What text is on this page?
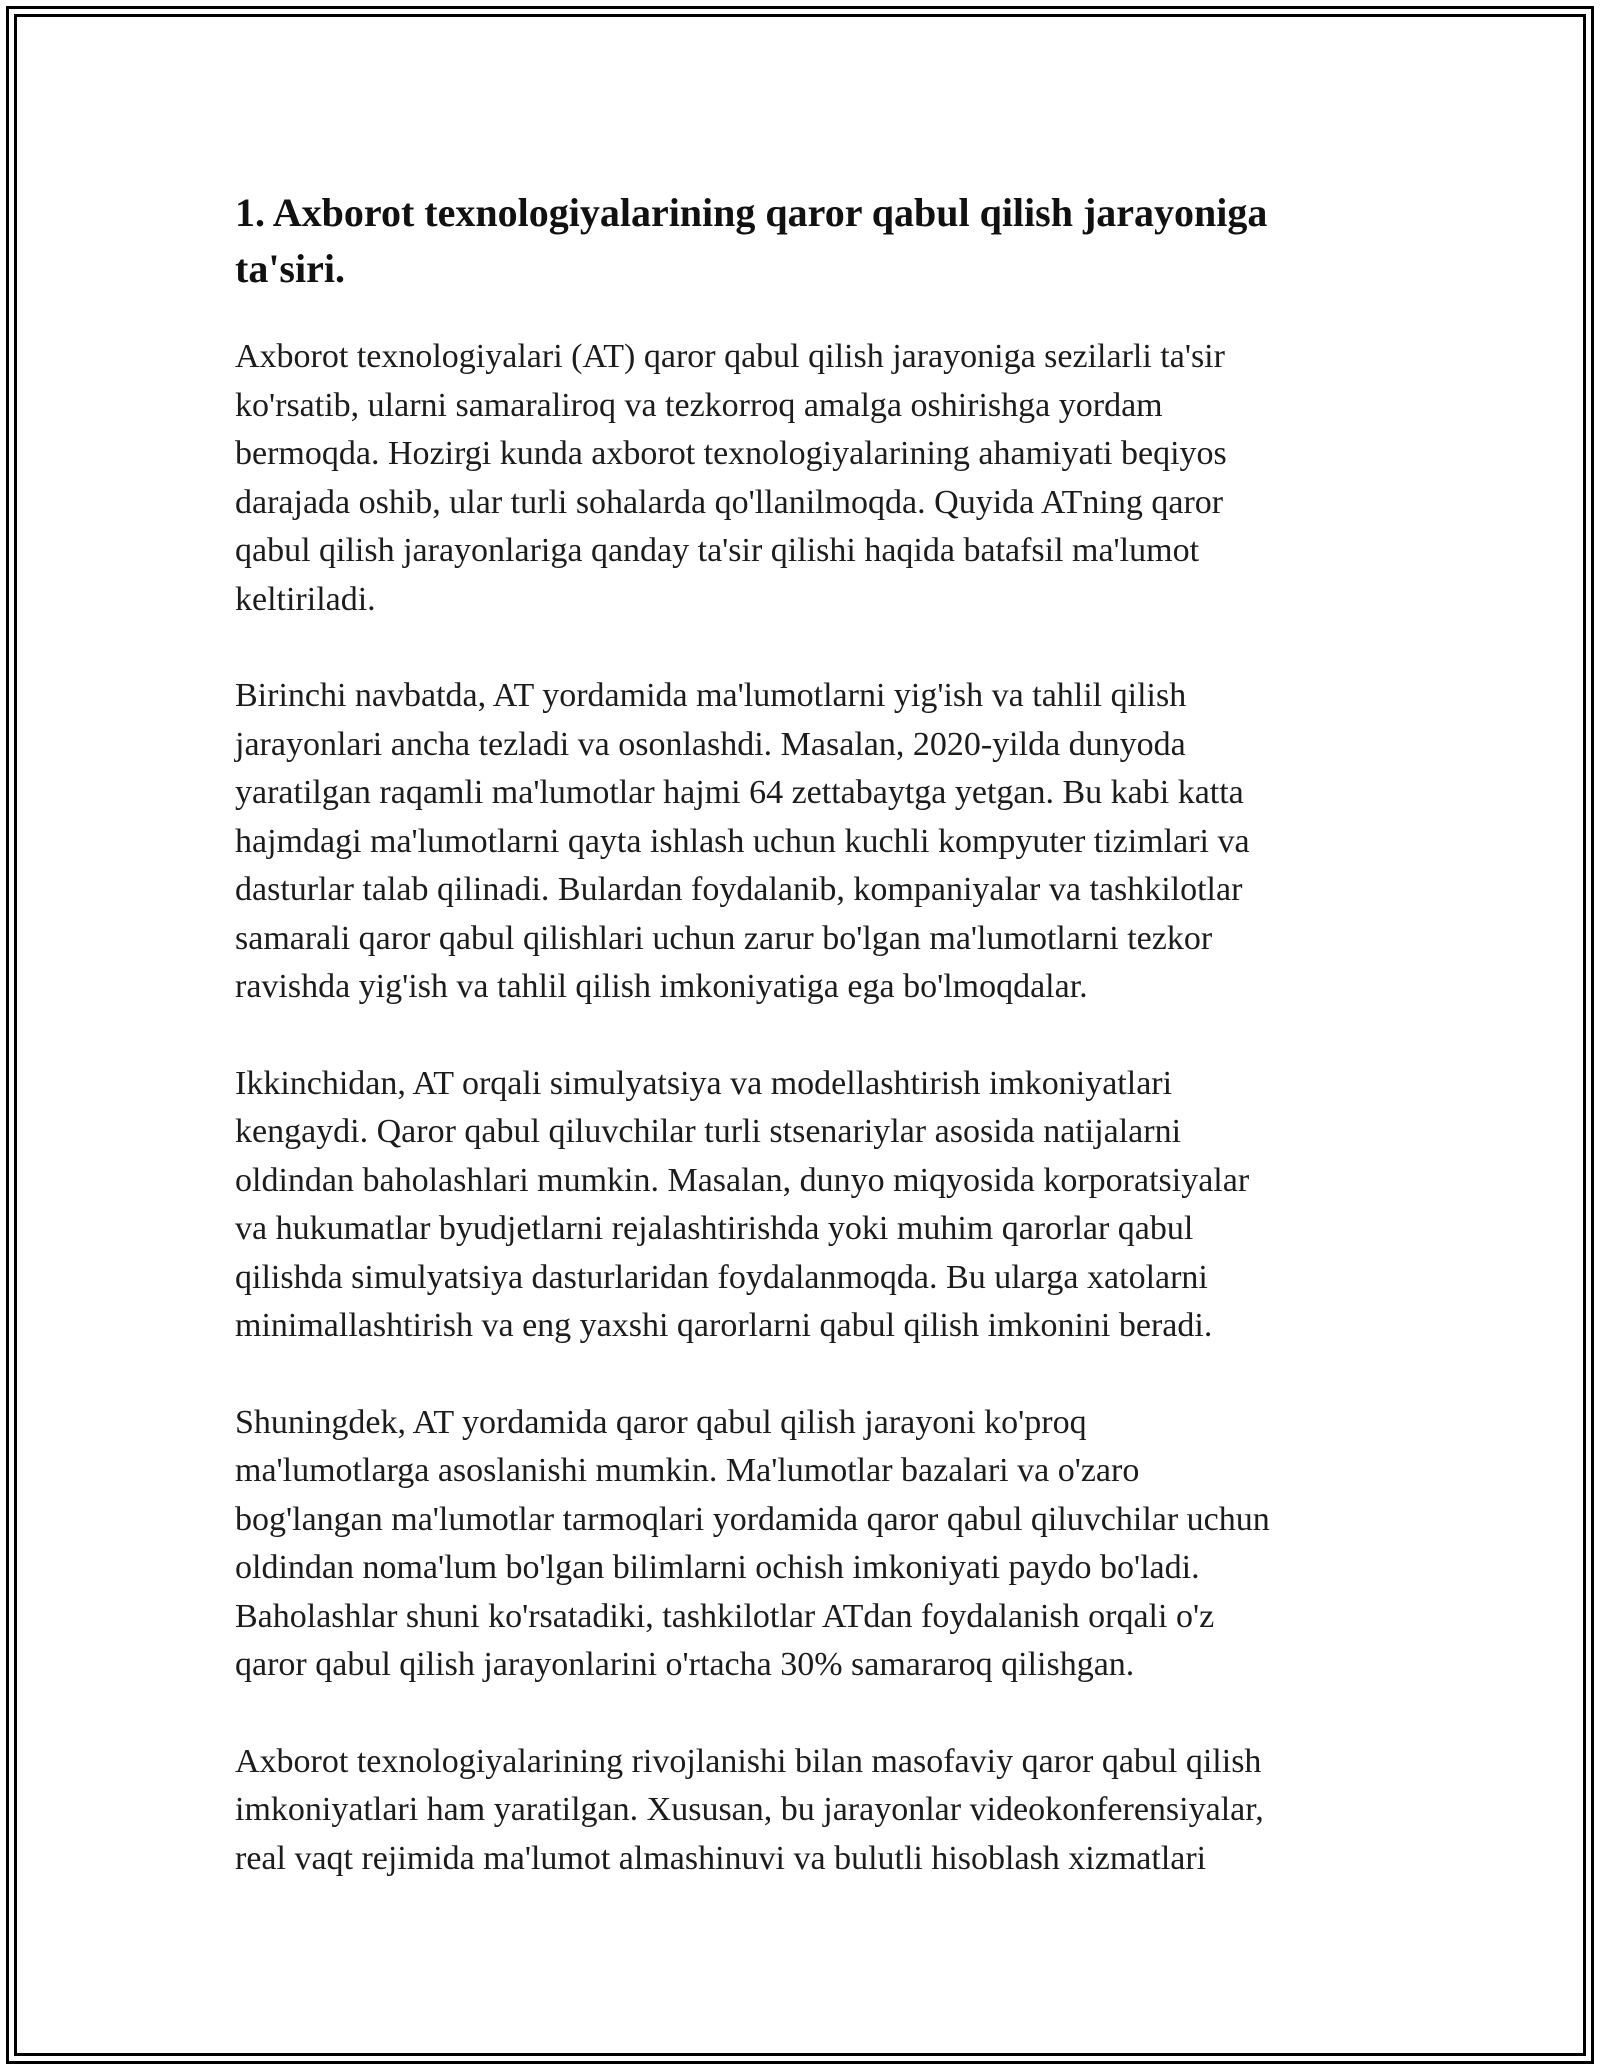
1. Axborot texnologiyalarining qaror qabul qilish jarayoniga
ta'siri.

Axborot texnologiyalari (AT) qaror qabul qilish jarayoniga sezilarli ta'sir
ko'rsatib, ularni samaraliroq va tezkorroq amalga oshirishga yordam
bermoqda. Hozirgi kunda axborot texnologiyalarining ahamiyati beqiyos
darajada oshib, ular turli sohalarda qo'llanilmoqda. Quyida ATning qaror
qabul qilish jarayonlariga qanday ta'sir qilishi haqida batafsil ma'lumot
keltiriladi.

Birinchi navbatda, AT yordamida ma'lumotlarni yig'ish va tahlil qilish
jarayonlari ancha tezladi va osonlashdi. Masalan, 2020-yilda dunyoda
yaratilgan raqamli ma'lumotlar hajmi 64 zettabaytga yetgan. Bu kabi katta
hajmdagi ma'lumotlarni qayta ishlash uchun kuchli kompyuter tizimlari va
dasturlar talab qilinadi. Bulardan foydalanib, kompaniyalar va tashkilotlar
samarali qaror qabul qilishlari uchun zarur bo'lgan ma'lumotlarni tezkor
ravishda yig'ish va tahlil qilish imkoniyatiga ega bo'lmoqdalar.

Ikkinchidan, AT orqali simulyatsiya va modellashtirish imkoniyatlari
kengaydi. Qaror qabul qiluvchilar turli stsenariylar asosida natijalarni
oldindan baholashlari mumkin. Masalan, dunyo miqyosida korporatsiyalar
va hukumatlar byudjetlarni rejalashtirishda yoki muhim qarorlar qabul
qilishda simulyatsiya dasturlaridan foydalanmoqda. Bu ularga xatolarni
minimallashtirish va eng yaxshi qarorlarni qabul qilish imkonini beradi.

Shuningdek, AT yordamida qaror qabul qilish jarayoni ko'proq
ma'lumotlarga asoslanishi mumkin. Ma'lumotlar bazalari va o'zaro
bog'langan ma'lumotlar tarmoqlari yordamida qaror qabul qiluvchilar uchun
oldindan noma'lum bo'lgan bilimlarni ochish imkoniyati paydo bo'ladi.
Baholashlar shuni ko'rsatadiki, tashkilotlar ATdan foydalanish orqali o'z
qaror qabul qilish jarayonlarini o'rtacha 30% samararoq qilishgan.

Axborot texnologiyalarining rivojlanishi bilan masofaviy qaror qabul qilish
imkoniyatlari ham yaratilgan. Xususan, bu jarayonlar videokonferensiyalar,
real vaqt rejimida ma'lumot almashinuvi va bulutli hisoblash xizmatlari
